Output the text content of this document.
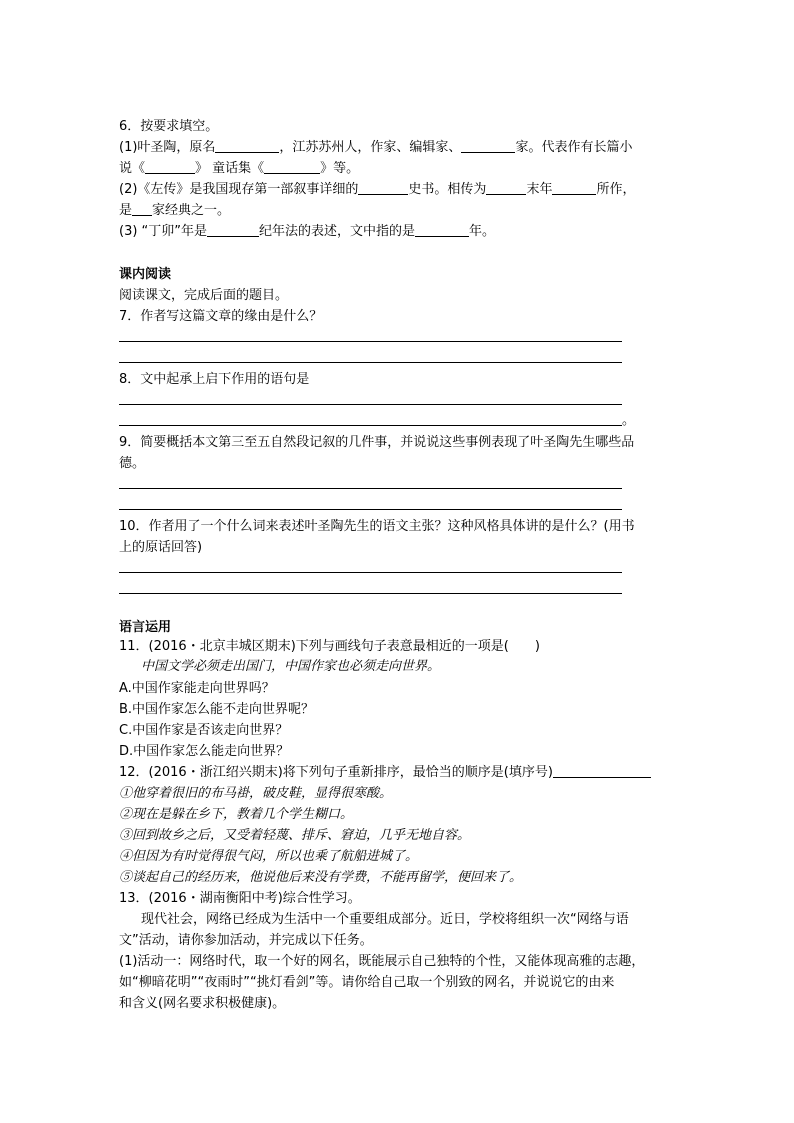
6．按要求填空。
(1)叶圣陶，原名	，江苏苏州人，作家、编辑家、	家。代表作有长篇小
说《	》 童话集《	》等。
(2)《左传》是我国现存第一部叙事详细的	史书。相传为	末年	所作，
是 家经典之一。
(3) “丁卯”年是	纪年法的表述，文中指的是	年。
课内阅读
阅读课文，完成后面的题目。
7．作者写这篇文章的缘由是什么？
8．文中起承上启下作用的语句是
。
9．简要概括本文第三至五自然段记叙的几件事，并说说这些事例表现了叶圣陶先生哪些品
德。
10．作者用了一个什么词来表述叶圣陶先生的语文主张？这种风格具体讲的是什么？(用书
上的原话回答)
语言运用
11．(2016・北京丰城区期末)下列与画线句子表意最相近的一项是(　　)
中国文学必须走出国门，中国作家也必须走向世界。
A.中国作家能走向世界吗？
B.中国作家怎么能不走向世界呢？
C.中国作家是否该走向世界？
D.中国作家怎么能走向世界？
12．(2016・浙江绍兴期末)将下列句子重新排序，最恰当的顺序是(填序号)
①他穿着很旧的布马褂，破皮鞋，显得很寒酸。
②现在是躲在乡下，教着几个学生糊口。
③回到故乡之后，又受着轻蔑、排斥、窘迫，几乎无地自容。
④但因为有时觉得很气闷，所以也乘了航船进城了。
⑤谈起自己的经历来，他说他后来没有学费，不能再留学，便回来了。
13．(2016・湖南衡阳中考)综合性学习。
现代社会，网络已经成为生活中一个重要组成部分。近日，学校将组织一次“网络与语
文”活动，请你参加活动，并完成以下任务。
(1)活动一：网络时代，取一个好的网名，既能展示自己独特的个性，又能体现高雅的志趣，
如“柳暗花明”“夜雨时”“挑灯看剑”等。请你给自己取一个别致的网名，并说说它的由来
和含义(网名要求积极健康)。
